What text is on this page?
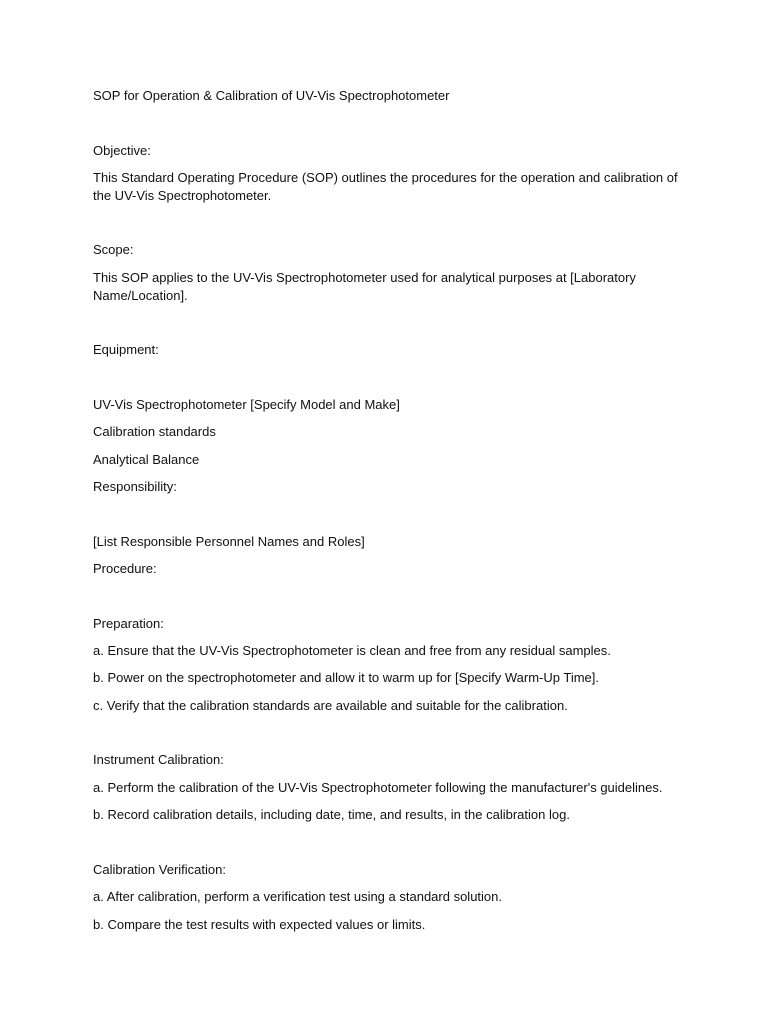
SOP for Operation & Calibration of UV-Vis Spectrophotometer
Objective:
This Standard Operating Procedure (SOP) outlines the procedures for the operation and calibration of the UV-Vis Spectrophotometer.
Scope:
This SOP applies to the UV-Vis Spectrophotometer used for analytical purposes at [Laboratory Name/Location].
Equipment:
UV-Vis Spectrophotometer [Specify Model and Make]
Calibration standards
Analytical Balance
Responsibility:
[List Responsible Personnel Names and Roles]
Procedure:
Preparation:
a. Ensure that the UV-Vis Spectrophotometer is clean and free from any residual samples.
b. Power on the spectrophotometer and allow it to warm up for [Specify Warm-Up Time].
c. Verify that the calibration standards are available and suitable for the calibration.
Instrument Calibration:
a. Perform the calibration of the UV-Vis Spectrophotometer following the manufacturer's guidelines.
b. Record calibration details, including date, time, and results, in the calibration log.
Calibration Verification:
a. After calibration, perform a verification test using a standard solution.
b. Compare the test results with expected values or limits.
